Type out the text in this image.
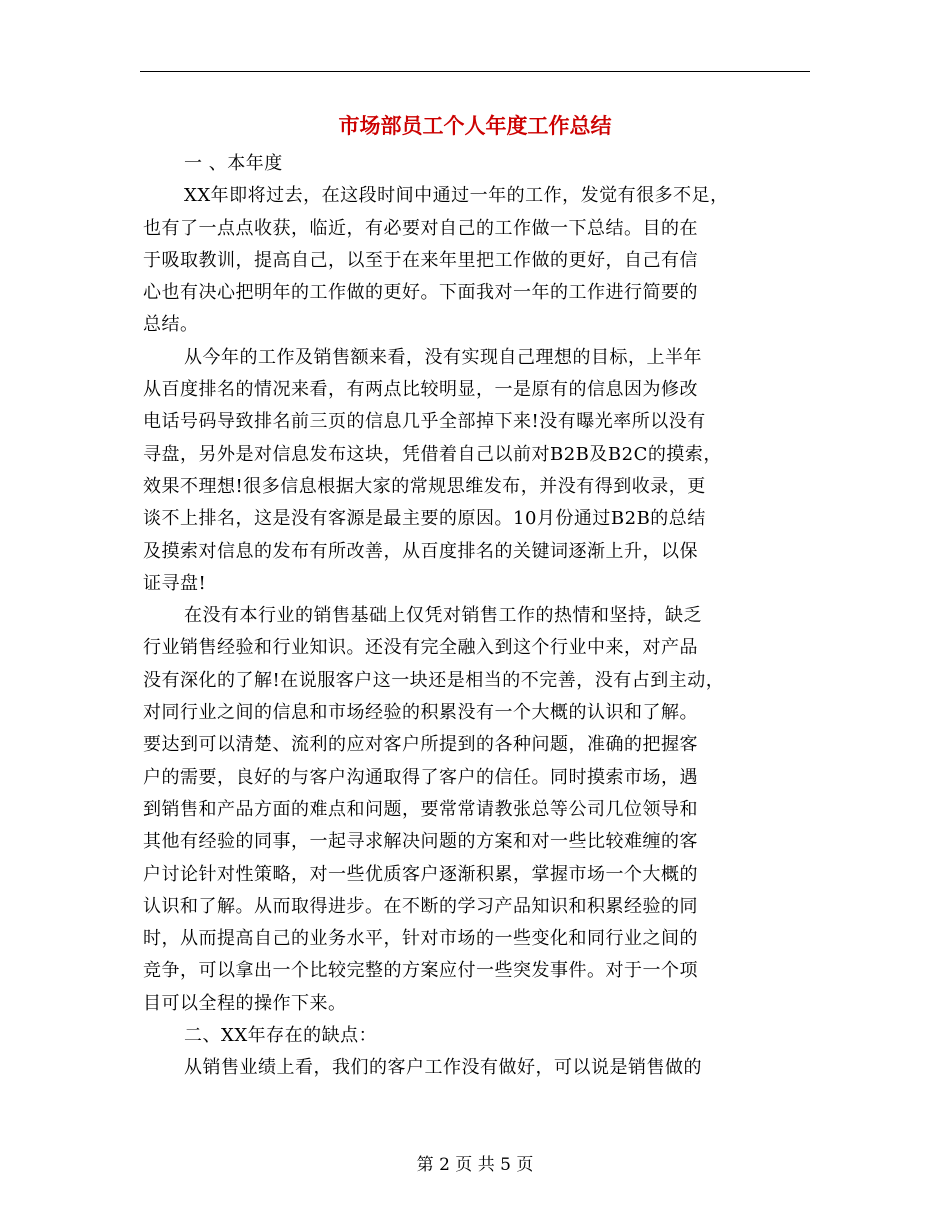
市场部员工个人年度工作总结
一 、本年度
XX年即将过去，在这段时间中通过一年的工作，发觉有很多不足，
也有了一点点收获，临近，有必要对自己的工作做一下总结。目的在
于吸取教训，提高自己，以至于在来年里把工作做的更好，自己有信
心也有决心把明年的工作做的更好。下面我对一年的工作进行简要的
总结。
从今年的工作及销售额来看，没有实现自己理想的目标，上半年
从百度排名的情况来看，有两点比较明显，一是原有的信息因为修改
电话号码导致排名前三页的信息几乎全部掉下来!没有曝光率所以没有
寻盘，另外是对信息发布这块，凭借着自己以前对B2B及B2C的摸索，
效果不理想!很多信息根据大家的常规思维发布，并没有得到收录，更
谈不上排名，这是没有客源是最主要的原因。10月份通过B2B的总结
及摸索对信息的发布有所改善，从百度排名的关键词逐渐上升，以保
证寻盘!
在没有本行业的销售基础上仅凭对销售工作的热情和坚持，缺乏
行业销售经验和行业知识。还没有完全融入到这个行业中来，对产品
没有深化的了解!在说服客户这一块还是相当的不完善，没有占到主动，
对同行业之间的信息和市场经验的积累没有一个大概的认识和了解。
要达到可以清楚、流利的应对客户所提到的各种问题，准确的把握客
户的需要，良好的与客户沟通取得了客户的信任。同时摸索市场，遇
到销售和产品方面的难点和问题，要常常请教张总等公司几位领导和
其他有经验的同事，一起寻求解决问题的方案和对一些比较难缠的客
户讨论针对性策略，对一些优质客户逐渐积累，掌握市场一个大概的
认识和了解。从而取得进步。在不断的学习产品知识和积累经验的同
时，从而提高自己的业务水平，针对市场的一些变化和同行业之间的
竞争，可以拿出一个比较完整的方案应付一些突发事件。对于一个项
目可以全程的操作下来。
二、XX年存在的缺点：
从销售业绩上看，我们的客户工作没有做好，可以说是销售做的
第 2 页 共 5 页
